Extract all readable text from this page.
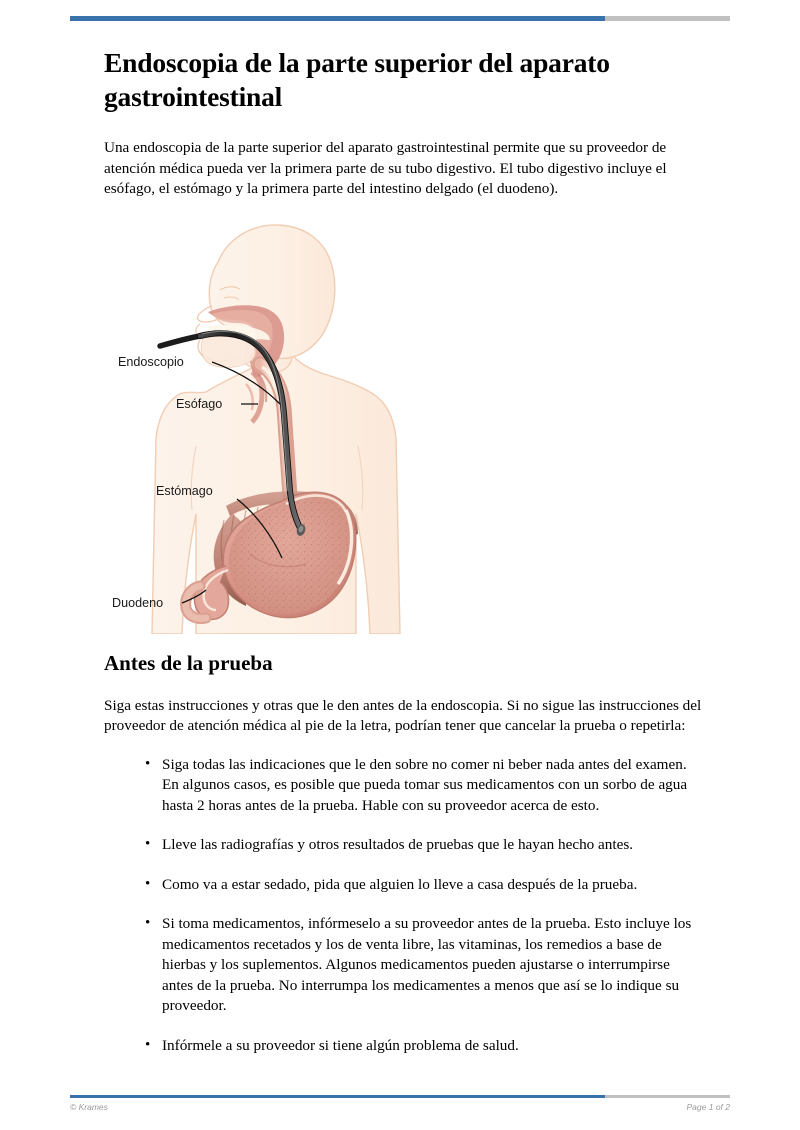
Endoscopia de la parte superior del aparato gastrointestinal

Una endoscopia de la parte superior del aparato gastrointestinal permite que su proveedor de atención médica pueda ver la primera parte de su tubo digestivo. El tubo digestivo incluye el esófago, el estómago y la primera parte del intestino delgado (el duodeno).

Endoscopio
Esófago
Estómago
Duodeno
Antes de la prueba

Siga estas instrucciones y otras que le den antes de la endoscopia. Si no sigue las instrucciones del proveedor de atención médica al pie de la letra, podrían tener que cancelar la prueba o repetirla:

• Siga todas las indicaciones que le den sobre no comer ni beber nada antes del examen. En algunos casos, es posible que pueda tomar sus medicamentos con un sorbo de agua hasta 2 horas antes de la prueba. Hable con su proveedor acerca de esto.
• Lleve las radiografías y otros resultados de pruebas que le hayan hecho antes.
• Como va a estar sedado, pida que alguien lo lleve a casa después de la prueba.
• Si toma medicamentos, infórmeselo a su proveedor antes de la prueba. Esto incluye los medicamentos recetados y los de venta libre, las vitaminas, los remedios a base de hierbas y los suplementos. Algunos medicamentos pueden ajustarse o interrumpirse antes de la prueba. No interrumpa los medicamentes a menos que así se lo indique su proveedor.
• Infórmele a su proveedor si tiene algún problema de salud.
© Krames	Page 1 of 2
